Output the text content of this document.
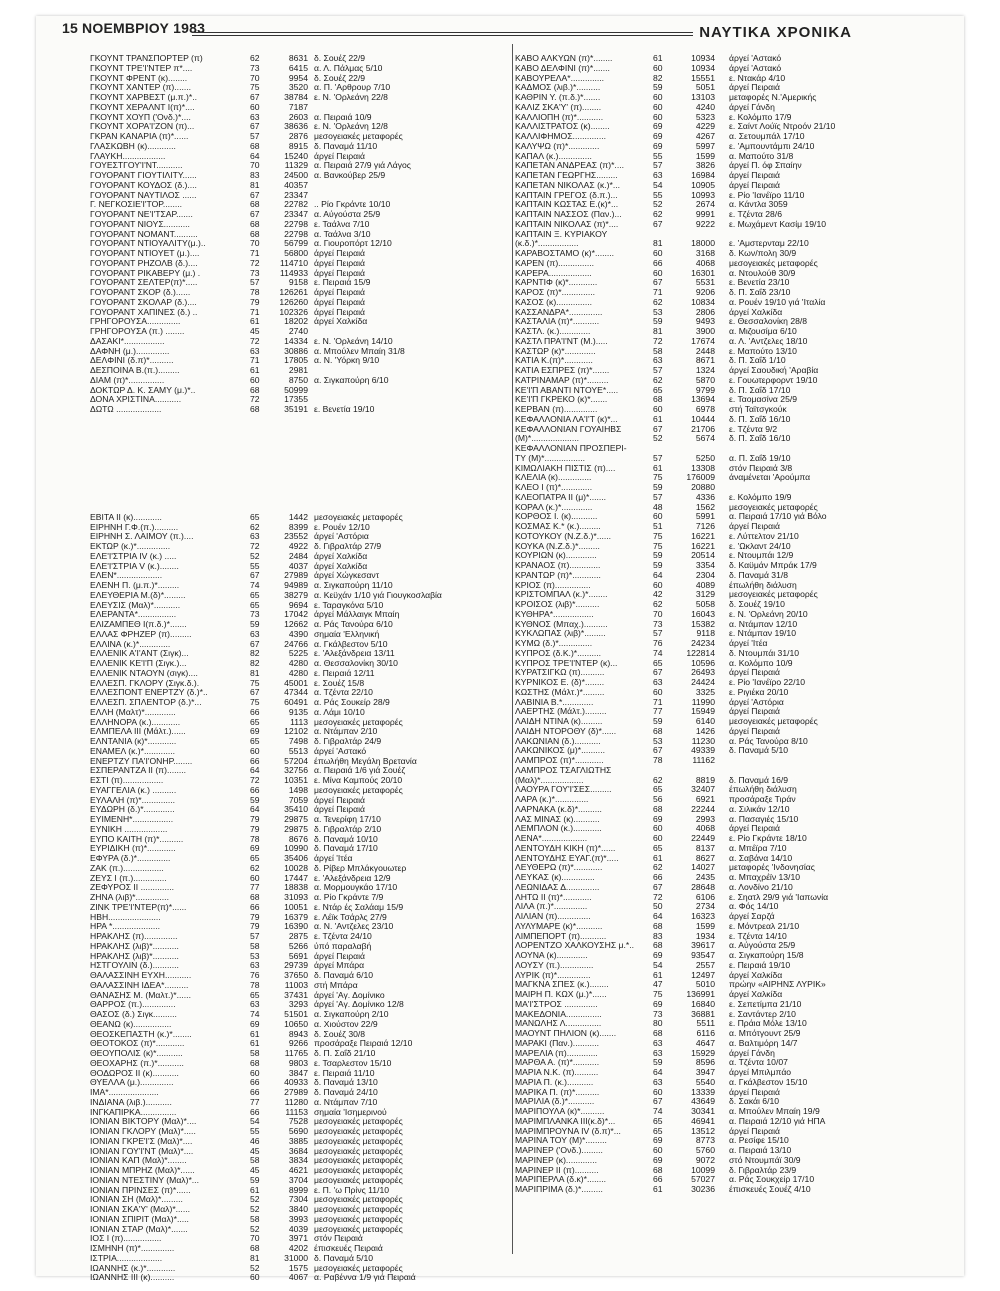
15 ΝΟΕΜΒΡΙΟΥ 1983	ΝΑΥΤΙΚΑ ΧΡΟΝΙΚΑ
ΓΚΟΥΝΤ ΤΡΑΝΣΠΟΡΤΕΡ (π)	62	8631 δ. Σουέζ 22/9
ΓΚΟΥΝΤ ΤΡΕ'Ι'ΝΤΕΡ π*....	73	6415 α. Λ. Πάλμας 5/10
ΓΚΟΥΝΤ ΦΡΕΝΤ (κ)........	70	9954 δ. Σουέζ 22/9
ΓΚΟΥΝΤ ΧΑΝΤΕΡ (π).......	75	3520 α. Π. 'Αρθρουρ 7/10
ΓΚΟΥΝΤ ΧΑΡΒΕΣΤ (μ.π.)*..	67	38784 ε. Ν. 'Ορλεάνη 22/8
ΓΚΟΥΝΤ ΧΕΡΑΛΝΤ Ι(π)*....	60	7187
ΓΚΟΥΝΤ ΧΟΥΠ ('Ονδ.)*....	63	2603 α. Πειραιά 10/9
ΓΚΟΥΝΤ ΧΟΡΑ'Ι'ΖΟΝ (π)...	67	38636 ε. Ν. 'Ορλεάνη 12/8
ΓΚΡΑΝ ΚΑΝΑΡΙΑ (π)*......	57	2876 μεσογειακές μεταφορές
ΓΛΑΣΚΩΒΗ (κ)............	68	8915 δ. Παναμά 11/10
ΓΛΑΥΚΗ..................	64	15240 άργεί Πειραιά
ΓΟΥΕΣΤΓΟΥ'Ι'ΝΤ...........	70	11329 α. Πειραιά 27/9 γιά Λάγος
ΓΟΥΟΡΑΝΤ ΓΙΟΥΤΙΛΙΤΥ......	83	24500 α. Βανκούβερ 25/9
ΓΟΥΟΡΑΝΤ ΚΟΥΔΟΣ (δ.)....	81	40357
ΓΟΥΟΡΑΝΤ ΝΑΥΤΙΛΟΣ ......	67	23347
Γ. ΝΕΓΚΟΣΙΕ'Ι'ΤΟΡ........	68	22782 .. Ρίο Γκράντε 10/10
ΓΟΥΟΡΑΝΤ ΝΕ'Ι'ΤΣΑΡ.......	67	23347 α. Αύγούστα 25/9
ΓΟΥΟΡΑΝΤ ΝΙΟΥΣ...........	68	22798 ε. Ταάλνα 7/10
ΓΟΥΟΡΑΝΤ ΝΟΜΑΝΤ..........	68	22798 α. Ταάλνα 3/10
ΓΟΥΟΡΑΝΤ ΝΤΙΟΥΑΛΙΤΥ(μ.)..	70	56799 α. Γιουροπόρτ 12/10
ΓΟΥΟΡΑΝΤ ΝΤΙΟΥΕΤ (μ.)....	71	56800 άργεί Πειραιά
ΓΟΥΟΡΑΝΤ ΡΗΖΟΛΒ (δ.)....	72	114710 άργεί Πειραιά
ΓΟΥΟΡΑΝΤ ΡΙΚΑΒΕΡΥ (μ.) .	73	114933 άργεί Πειραιά
ΓΟΥΟΡΑΝΤ ΣΕΛΤΕΡ(π)*.....	57	9158 ε. Πειραιά 15/9
ΓΟΥΟΡΑΝΤ ΣΚΟΡ (δ.)......	78	126261 άργεί Πειραιά
ΓΟΥΟΡΑΝΤ ΣΚΟΛΑΡ (δ.)....	79	126260 άργεί Πειραιά
ΓΟΥΟΡΑΝΤ ΧΑΠΙΝΕΣ (δ.) ..	71	102326 άργεί Πειραιά
ΓΡΗΓΟΡΟΥΣΑ..............	61	18202 άργεί Χαλκίδα
ΓΡΗΓΟΡΟΥΣΑ (π.) ........	45	2740
ΔΑΣΑΚΙ*.................	72	14334 ε. Ν. 'Ορλεάνη 14/10
ΔΑΦΝΗ (μ.)..............	63	30886 α. Μπούλεν Μπαίη 31/8
ΔΕΛΦΙΝΙ (δ.π)*..........	71	17805 α. Ν. 'Υόρκη 9/10
ΔΕΣΠΟΙΝΑ Β.(π.).........	61	2981
ΔΙΑΜ (π)*...............	60	8750 α. Σιγκαπούρη 6/10
ΔΟΚΤΩΡ Δ. Κ. ΣΑΜΥ (μ.)*..	68	50999
ΔΟΝΑ ΧΡΙΣΤΙΝΑ...........	72	17355
ΔΩΤΩ ...................	68	35191 ε. Βενετία 19/10
ΕΒΙΤΑ ΙΙ (κ)............	65	1442 μεσογειακές μεταφορές
ΕΙΡΗΝΗ Γ.Φ.(π.)..........	62	8399 ε. Ρουέν 12/10
ΕΙΡΗΝΗ Σ. ΛΑΙΜΟΥ (π.)....	63	23552 άργεί 'Αστόρια
ΕΚΤΩΡ (κ.)*..............	72	4922 δ. Γιβραλτάρ 27/9
ΕΛΕ'Ι'ΣΤΡΙΑ ΙV (κ.) .....	52	2484 άργεί Χαλκίδα
ΕΛΕ'Ι'ΣΤΡΙΑ V (κ.)........	55	4037 άργεί Χαλκίδα
ΕΛΕΝ*...................	67	27989 άργεί Χώγκεσαντ
ΕΛΕΝΗ Π. (μ.π.)*.........	74	94989 α. Σιγκαπούρη 11/10
ΕΛΕΥΘΕΡΙΑ Μ.(δ)*.........	65	38279 α. Κεϋχάν 1/10 γιά Γιουγκοσλαβία
ΕΛΕΥΣΙΣ (Μαλ)*...........	65	9694 ε. Ταραγκόνα 5/10
ΕΛΕΡΑΝΤΑ*................	73	17042 άργεί Μάλλαιγκ Μπαίη
ΕΛΙΖΑΜΠΕΘ Ι(π.δ.)*.......	59	12662 α. Ράς Τανούρα 6/10
ΕΛΛΑΣ ΦΡΗΖΕΡ (π).........	63	4390 σημαία 'Ελληνική
ΕΛΛΙΝΑ (κ.)*.............	67	24766 α. Γκάλβεστον 5/10
ΕΛΛΕΝΙΚ Α'Ι'ΑΝΤ (Σιγκ)...	82	5225 ε. 'Αλεξάνδρεια 13/11
ΕΛΛΕΝΙΚ ΚΕ'Ι'Π (Σιγκ.)...	82	4280 α. Θεσσαλονίκη 30/10
ΕΛΛΕΝΙΚ ΝΤΑΟΥΝ (σιγκ)....	81	4280 ε. Πειραιά 12/11
ΕΛΛΕΣΠ. ΓΚΛΟΡΥ (Σιγκ.δ.).	75	45001 ε. Σουέζ 15/8
ΕΛΛΕΣΠΟΝΤ ΕΝΕΡΤΖΥ (δ.)*..	67	47344 α. Τζέντα 22/10
ΕΛΛΕΣΠ. ΣΠΛΕΝΤΟΡ (δ.)*...	75	60491 α. Ράς Σουκείρ 28/9
ΕΛΛΗ (Μαλτ)*.............	66	9135 α. Λάμι 10/10
ΕΛΛΗΝΟΡΑ (κ.)............	65	1113 μεσογειακές μεταφορές
ΕΛΜΠΕΛΑ ΙΙΙ (Μάλτ.)......	69	12102 α. Ντάμπαν 2/10
ΕΛΝΤΑΝΙΑ (κ)*............	65	7498 δ. Γιβραλτάρ 24/9
ΕΝΑΜΕΛ (κ.)*.............	60	5513 άργεί 'Αστακό
ΕΝΕΡΤΖΥ ΠΑ'Ι'ΟΝΗΡ........	66	57204 έπωλήθη Μεγάλη Βρετανία
ΕΣΠΕΡΑΝΤΖΑ ΙΙ (π)........	64	32756 α. Πειραιά 1/6 γιά Σουέζ
ΕΣΤΙ (π).................	72	10351 ε. Μίνα Καμπούς 20/10
ΕΥΑΓΓΕΛΙΑ (κ.) ..........	66	1498 μεσογειακές μεταφορές
ΕΥΛΑΛΗ (π)*..............	59	7059 άργεί Πειραιά
ΕΥΔΩΡΗ (δ.)*.............	64	35410 άργεί Πειραιά
ΕΥΙΜΕΝΗ*.................	79	29875 α. Τενερίφη 17/10
ΕΥΝΙΚΗ ..................	79	29875 δ. Γιβραλτάρ 2/10
ΕΥΠΟ ΚΑΙΤΗ (π)*..........	78	8676 δ. Παναμά 10/10
ΕΥΡΙΔΙΚΗ (π)*............	69	10990 δ. Παναμά 17/10
ΕΦΥΡΑ (δ.)*..............	65	35406 άργεί 'Ιτέα
ΖΑΚ (π.).................	62	10028 δ. Ρίβερ Μπλάκγουωτερ
ΖΕΥΣ Ι (π.)..............	60	17447 ε. 'Αλεξάνδρεια 12/9
ΖΕΦΥΡΟΣ ΙΙ ..............	77	18838 α. Μορμουγκάο 17/10
ΖΗΝΑ (λιβ)*..............	68	31093 α. Ρίο Γκράντε 7/9
ΖΙΝΚ ΤΡΕ'Ι'ΝΤΕΡ(π)*......	66	10051 ε. Ντάρ ές Σαλάαμ 15/9
ΗΒΗ......................	79	16379 ε. Λέϊκ Τσάρλς 27/9
ΗΡΑ *....................	79	16390 α. Ν. 'Αντζελες 23/10
ΗΡΑΚΛΗΣ (π)..............	57	2875 ε. Τζέντα 24/10
ΗΡΑΚΛΗΣ (λιβ)*...........	58	5266 ύπό παραλαβή
ΗΡΑΚΛΗΣ (λιβ)*...........	53	5691 άργεί Πειραιά
ΗΣΤΓΟΥΛΙΝ (δ.)...........	63	29739 άργεί Μπάρα
ΘΑΛΑΣΣΙΝΗ ΕΥΧΗ...........	76	37650 δ. Παναμά 6/10
ΘΑΛΑΣΣΙΝΗ ΙΔΕΑ*..........	78	11003 στή Μπάρα
ΘΑΝΑΣΗΣ Μ. (Μαλτ.)*......	65	37431 άργεί 'Αγ. Δομίνικο
ΘΑΡΡΟΣ (π.)..............	63	3293 άργεί 'Αγ. Δομίνικο 12/8
ΘΑΣΟΣ (δ.) Σιγκ..........	74	51501 α. Σιγκαπούρη 2/10
ΘΕΑΝΩ (κ)................	69	10650 α. Χιούστον 22/9
ΘΕΟΣΚΕΠΑΣΤΗ (κ.)*........	61	8943 δ. Σουέζ 30/8
ΘΕΟΤΟΚΟΣ (π)*............	61	9266 προσάραξε Πειραιά 12/10
ΘΕΟΥΠΟΛΙΣ (κ)*...........	58	11765 δ. Π. Σαΐδ 21/10
ΘΕΟΧΑΡΗΣ (π.)*...........	68	9803 ε. Τσαρλεστον 15/10
ΘΟΔΩΡΟΣ ΙΙ (κ)...........	60	3847 ε. Πειραιά 11/10
ΘΥΕΛΛΑ (μ.)..............	66	40933 δ. Παναμά 13/10
ΙΜΑ*.....................	66	27989 δ. Παναμά 24/10
ΙΝΔΙΑΝΑ (λιβ.)...........	77	11280 α. Ντάμπαν 7/10
ΙΝΓΚΑΠΙΡΚΑ...............	66	11153 σημαία 'Ισημερινού
ΙΟΝΙΑΝ ΒΙΚΤΟΡΥ (Μαλ)*....	54	7528 μεσογειακές μεταφορές
ΙΟΝΙΑΝ ΓΚΛΟΡΥ (Μαλ)*.....	55	5690 μεσογειακές μεταφορές
ΙΟΝΙΑΝ ΓΚΡΕ'Ι'Σ (Μαλ)*....	46	3885 μεσογειακές μεταφορές
ΙΟΝΙΑΝ ΓΟΥ'Ι'ΝΤ (Μαλ)*....	45	3684 μεσογειακές μεταφορές
ΙΟΝΙΑΝ ΚΑΠ (Μαλ)*........	58	3834 μεσογειακές μεταφορές
ΙΟΝΙΑΝ ΜΠΡΗΖ (Μαλ)*......	45	4621 μεσογειακές μεταφορές
ΙΟΝΙΑΝ ΝΤΕΣΤΙΝΥ (Μαλ)*...	59	3704 μεσογειακές μεταφορές
ΙΟΝΙΑΝ ΠΡΙΝΣΕΣ (π)*......	61	8999 ε. Π. 'ω Πρίνς 11/10
ΙΟΝΙΑΝ ΣΗ (Μαλ)*.........	52	7304 μεσογειακές μεταφορές
ΙΟΝΙΑΝ ΣΚΑ'Υ' (Μαλ)*......	52	3840 μεσογειακές μεταφορές
ΙΟΝΙΑΝ ΣΠΙΡΙΤ (Μαλ)*.....	58	3993 μεσογειακές μεταφορές
ΙΟΝΙΑΝ ΣΤΑΡ (Μαλ)*.......	52	4039 μεσογειακές μεταφορές
ΙΟΣ Ι (π)................	70	3971 στόν Πειραιά
ΙΣΜΗΝΗ (π)*..............	68	4202 έπισκευές Πειραιά
ΙΣΤΡΙΑ...................	81	31000 δ. Παναμά 5/10
ΙΩΑΝΝΗΣ (κ.)*............	52	1575 μεσογειακές μεταφορές
ΙΩΑΝΝΗΣ ΙΙΙ (κ)..........	60	4067 α. Ραβέννα 1/9 γιά Πειραιά
ΚΑΒΟ ΑΛΚΥΩΝ (π)*........	61	10934 άργεί 'Αστακό
ΚΑΒΟ ΔΕΛΦΙΝΙ (π)*.......	60	10934 άργεί 'Αστακό
ΚΑΒΟΥΡΕΛΑ*..............	82	15551 ε. Ντακάρ 4/10
ΚΑΔΜΟΣ (λιβ.)*..........	59	5051 άργεί Πειραιά
ΚΑΘΡΙΝ Υ. (π.δ.)*.......	60	13103 μεταφορές Ν.'Αμερικής
ΚΑΛΙΖ ΣΚΑ'Υ' (π)........	60	4240 άργεί Γάνδη
ΚΑΛΛΙΟΠΗ (π)*...........	60	5323 ε. Κολόμπο 17/9
ΚΑΛΛΙΣΤΡΑΤΟΣ (κ)........	69	4229 ε. Σαίντ Λούϊς Ντροόν 21/10
ΚΑΛΛΙΦΗΜΟΣ..............	69	4267 α. Σετουμπάλ 17/10
ΚΑΛΥΨΩ (π)*.............	69	5997 ε. 'Αμπουντάμπι 24/10
ΚΑΠΑΛ (κ.)..............	55	1599 α. Μαπούτο 31/8
ΚΑΠΕΤΑΝ ΑΝΔΡΕΑΣ (π)*....	57	3826 άργεί Π. όφ Σπαίην
ΚΑΠΕΤΑΝ ΓΕΩΡΓΗΣ.........	63	16984 άργεί Πειραιά
ΚΑΠΕΤΑΝ ΝΙΚΟΛΑΣ (κ.)*...	54	10905 άργεί Πειραιά
ΚΑΠΤΑΙΝ ΓΡΕΓΟΣ (δ.π.)...	55	10993 ε. Ρίο 'Ιανέϊρο 11/10
ΚΑΠΤΑΙΝ ΚΩΣΤΑΣ Ε.(κ)*...	52	2674 α. Κάντλα 3059
ΚΑΠΤΑΙΝ ΝΑΣΣΟΣ (Παν.)...	62	9991 ε. Τζέντα 28/6
ΚΑΠΤΑΙΝ ΝΙΚΟΛΑΣ (π)*....	67	9222 ε. Μωχάμεντ Κασίμ 19/10
ΚΑΠΤΑΙΝ Ξ. ΚΥΡΙΑΚΟΥ
(κ.δ.)*.................	81	18000 ε. 'Αμστερνταμ 22/10
ΚΑΡΑΒΟΣΤΑΜΟ (κ)*........	60	3168 δ. Κων/πολη 30/9
ΚΑΡΕΝ (π)...............	66	4068 μεσογειακές μεταφορές
ΚΑΡΕΡΑ..................	60	16301 α. Ντουλούθ 30/9
ΚΑΡΝΤΙΦ (κ)*............	67	5531 ε. Βενετία 23/10
ΚΑΡΟΣ (π)*..............	71	9206 δ. Π. Σαΐδ 23/10
ΚΑΣΟΣ (κ)...............	62	10834 α. Ρουέν 19/10 γιά 'Ιταλία
ΚΑΣΣΑΝΔΡΑ*..............	53	2806 άργεί Χαλκίδα
ΚΑΣΤΑΛΙΑ (π)*...........	59	9493 ε. Θεσσαλονίκη 28/8
ΚΑΣΤΛ. (κ.).............	81	3900 α. Μιζουσίμα 6/10
ΚΑΣΤΛ ΠΡΑ'Ι'ΝΤ (Μ.).....	72	17674 α. Λ. 'Αντζελες 18/10
ΚΑΣΤΩΡ (κ)*.............	58	2448 ε. Μαπούτο 13/10
ΚΑΤΙΑ Κ.(π)*............	63	8671 δ. Π. Σαΐδ 1/10
ΚΑΤΙΑ ΕΣΠΡΕΣ (π)*.......	57	1324 άργεί Σαουδική 'Αραβία
ΚΑΤΡΙΝΑΜΑΡ (π)*.........	62	5870 ε. Γουωτερφορντ 19/10
ΚΕ'Ι'Π ΑΒΑΝΤΙ ΝΤΟΥΕ*.....	65	9799 δ. Π. Σαΐδ 17/10
ΚΕ'Ι'Π ΓΚΡΕΚΟ (κ)*.......	68	13694 ε. Ταομασίνα 25/9
ΚΕΡΒΑΝ (π)..............	60	6978 στή Ταϊτσγκούκ
ΚΕΦΑΛΛΟΝΙΑ ΛΑ'Ι'Τ (κ)*...	61	10444 δ. Π. Σαΐδ 16/10
ΚΕΦΑΛΛΟΝΙΑΝ ΓΟΥΑΙΗΒΣ	67	21706 ε. Τζέντα 9/2
(Μ)*....................	52	5674 δ. Π. Σαΐδ 16/10
ΚΕΦΑΛΛΟΝΙΑΝ ΠΡΟΣΠΕΡΙ-
ΤΥ (Μ)*.................	57	5250 α. Π. Σαΐδ 19/10
ΚΙΜΩΛΙΑΚΗ ΠΙΣΤΙΣ (π)....	61	13308 στόν Πειραιά 3/8
ΚΛΕΛΙΑ (κ)..............	75	176009 άναμένεται 'Αρούμπα
ΚΛΕΟ Ι (π)*.............	59	20880
ΚΛΕΟΠΑΤΡΑ ΙΙ (μ)*.......	57	4336 ε. Κολόμπο 19/9
ΚΟΡΑΛ (κ.)*.............	48	1562 μεσογειακές μεταφορές
ΚΟΡΘΟΣ Ι. (κ)...........	60	5991 α. Πειραιά 17/10 γιά Βόλο
ΚΟΣΜΑΣ Κ.* (κ.).........	51	7126 άργεί Πειραιά
ΚΟΤΟΥΚΟΥ (Ν.Ζ.δ.)*......	75	16221 ε. Λύττελτον 21/10
ΚΟΥΚΑ (Ν.Ζ.δ.)*.........	75	16221 ε. 'Ωκλαντ 24/10
ΚΟΥΡΙΩΝ (κ).............	59	20514 ε. Ντουμπάι 12/9
ΚΡΑΝΑΟΣ (π).............	59	3354 δ. Καϋμάν Μπράκ 17/9
ΚΡΑΝΤΩΡ (π)*............	64	2304 δ. Παναμά 31/8
ΚΡΙΟΣ (π)...............	60	4089 έπωλήθη διάλυση
ΚΡΙΣΤΟΜΠΑΛ (κ.)*........	42	3129 μεσογειακές μεταφορές
ΚΡΟΙΣΟΣ (λιβ)*..........	62	5058 δ. Σουέζ 19/10
ΚΥΘΗΡΑ*.................	70	16043 ε. Ν. 'Ορλεάνη 20/10
ΚΥΘΝΟΣ (Μπαχ.)..........	73	15382 α. Ντάμπαν 12/10
ΚΥΚΛΩΠΑΣ (λιβ)*.........	57	9118 ε. Ντάμπαν 19/10
ΚΥΜΩ (δ.)*..............	76	24234 άργεί 'Ιτέα
ΚΥΠΡΟΣ (δ.Κ.)*..........	74	122814 δ. Ντουμπάι 31/10
ΚΥΠΡΟΣ ΤΡΕ'Ι'ΝΤΕΡ (κ)...	65	10596 α. Κολόμπο 10/9
ΚΥΡΑΤΣΙΓΚΩ (π)..........	67	26493 άργεί Πειραιά
ΚΥΡΝΙΚΟΣ Ε. (δ)*........	63	24424 ε. Ρίο 'Ιανέϊρο 22/10
ΚΩΣΤΗΣ (Μάλτ.)*.........	60	3325 ε. Ριγιέκα 20/10
ΛΑΒΙΝΙΑ Β.*.............	71	11990 άργεί 'Αστόρια
ΛΑΕΡΤΗΣ (Μάλτ.).........	77	15949 άργεί Πειραιά
ΛΑΙΔΗ ΝΤΙΝΑ (κ).........	59	6140 μεσογειακές μεταφορές
ΛΑΙΔΗ ΝΤΟΡΟΘΥ (δ)*......	68	1426 άργεί Πειραιά
ΛΑΚΩΝΙΑΝ (δ.)...........	53	11230 α. Ράς Τανούρα 8/10
ΛΑΚΩΝΙΚΟΣ (μ)*..........	67	49339 δ. Παναμά 5/10
ΛΑΜΠΡΟΣ (π)*............	78	11162
ΛΑΜΠΡΟΣ ΤΣΑΓΛΙΩΤΗΣ
(Μαλ)*..................	62	8819 δ. Παναμά 16/9
ΛΑΟΥΡΑ ΓΟΥ'Ι'ΣΕΣ.........	65	32407 έπωλήθη διάλυση
ΛΑΡΑ (κ.)*..............	56	6921 προσάραξε Τιράν
ΛΑΡΝΑΚΑ (κ.δ)*..........	68	22244 α. Σιλικάν 12/10
ΛΑΣ ΜΙΝΑΣ (κ)...........	69	2993 α. Πασαγιές 15/10
ΛΕΜΠΛΟΝ (κ.)............	60	4068 άργεί Πειραιά
ΛΕΝΑ*...................	60	22449 ε. Ρίο Γκράντε 18/10
ΛΕΝΤΟΥΔΗ ΚΙΚΗ (π)*......	65	8137 α. Μπέϊρα 7/10
ΛΕΝΤΟΥΔΗΣ ΕΥΑΓ.(π)*.....	61	8627 α. Σαβάνα 14/10
ΛΕΥΘΕΡΩ (π)*............	62	14027 μεταφορές 'Ινδονησίας
ΛΕΥΚΑΣ (κ)..............	66	2435 α. Μπαχρέϊν 13/10
ΛΕΩΝΙΔΑΣ Δ..............	67	28648 α. Λονδίνο 21/10
ΛΗΤΩ ΙΙ (π)*............	72	6106 ε. Σηατλ 29/9 γιά 'Ιαπωνία
ΛΙΛΑ (π.)*..............	50	2734 α. Φός 14/10
ΛΙΛΙΑΝ (π)..............	64	16323 άργεί Σαρζά
ΛΥΛΥΜΑΡΕ (κ)*...........	68	1599 ε. Μόντρεαλ 21/10
ΛΙΜΠΕΠΟΡΤ (π)...........	83	1934 ε. Τζέντα 14/10
ΛΟΡΕΝΤΖΟ ΧΑΛΚΟΥΣΗΣ μ.*..	68	39617 α. Αύγούστα 25/9
ΛΟΥΝΑ (κ).............	69	93547 α. Σιγκαπούρη 15/8
ΛΟΥΣΥ (π.)..............	54	2557 ε. Πειραιά 19/10
ΛΥΡΙΚ (π)*..............	61	12497 άργεί Χαλκίδα
ΜΑΓΚΝΑ ΣΠΕΣ (κ.)........	47	5010 πρώην «ΑΙΡΗΝΣ ΛΥΡΙΚ»
ΜΑΙΡΗ Π. ΚΩΧ (μ.)*......	75	136991 άργεί Χαλκίδα
ΜΑ'Ι'ΣΤΡΟΣ ..............	69	16840 ε. Σεπετίμπα 21/10
ΜΑΚΕΔΟΝΙΑ...............	73	36881 ε. Σαντάντερ 2/10
ΜΑΝΩΛΗΣ Λ...............	80	5511 ε. Πράια Μόλε 13/10
ΜΑΟΥΝΤ ΠΗΛΙΟΝ (κ).......	68	6116 α. Μπότγουντ 25/9
ΜΑΡΑΚΙ (Παν.)...........	63	4647 α. Βαλτιμόρη 14/7
ΜΑΡΕΛΙΑ (π).............	63	15929 άργεί Γάνδη
ΜΑΡΘΑ Α. (π)*...........	59	8596 α. Τζέντα 10/07
ΜΑΡΙΑ Ν.Κ. (π)..........	64	3947 άργεί Μπιλμπάο
ΜΑΡΙΑ Π. (κ.)...........	63	5540 α. Γκάλβεστον 15/10
ΜΑΡΙΚΑ Π. (π)*..........	60	13339 άργεί Πειραιά
ΜΑΡΙΛΙΑ (δ.)*...........	67	43649 δ. Σακάι 6/10
ΜΑΡΙΠΟΥΛΑ (κ)*..........	74	30341 α. Μπούλεν Μπαίη 19/9
ΜΑΡΙΜΠΛΑΝΚΑ ΙΙΙ(κ.δ)*...	65	46941 α. Πειραιά 12/10 γιά ΗΠΑ
ΜΑΡΙΜΠΡΟΥΝΑ ΙV (δ.π)*...	65	13512 άργεί Πειραιά
ΜΑΡΙΝΑ ΤΟΥ (Μ)*.........	69	8773 α. Ρεσίφε 15/10
ΜΑΡΙΝΕΡ ('Ονδ.).........	60	5760 α. Πειραιά 13/10
ΜΑΡΙΝΕΡ (κ).............	69	9072 στό Ντουμπάϊ 30/9
ΜΑΡΙΝΕΡ ΙΙ (π)..........	68	10099 δ. Γιβραλτάρ 23/9
ΜΑΡΙΠΕΡΛΑ (δ.κ)*........	66	57027 α. Ράς Σουκχείρ 17/10
ΜΑΡΙΠΡΙΜΑ (δ.)*.........	61	30236 έπισκευές Σουέζ 4/10
